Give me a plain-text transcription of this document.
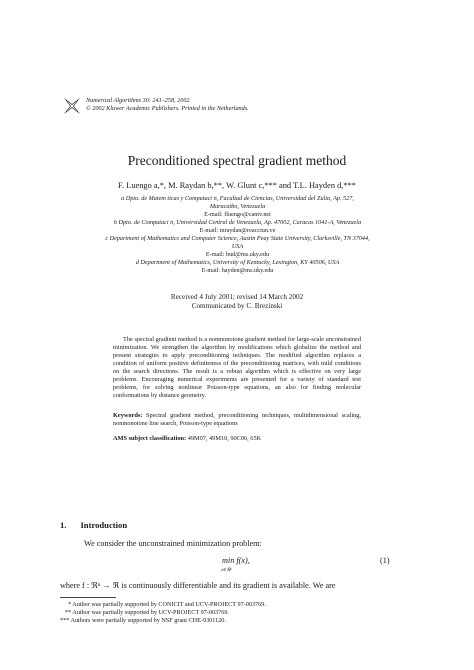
Numerical Algorithms 30: 241–258, 2002.
© 2002 Kluwer Academic Publishers. Printed in the Netherlands.
Preconditioned spectral gradient method
F. Luengo a,*, M. Raydan b,**, W. Glunt c,*** and T.L. Hayden d,***
a Dpto. de Matem ticas y Computaci n, Facultad de Ciencias, Universidad del Zulia, Ap. 527,
Maracaibo, Venezuela
E-mail: fluengo@cantv.net
b Dpto. de Computaci n, Universidad Central de Venezuela, Ap. 47002, Caracas 1041-A, Venezuela
E-mail: mraydan@reacciun.ve
c Department of Mathematics and Computer Science, Austin Peay State University, Clarksville, TN 37044,
USA
E-mail: bud@ms.uky.edu
d Department of Mathematics, University of Kentucky, Lexington, KY 40506, USA
E-mail: hayden@ms.uky.edu
Received 4 July 2001; revised 14 March 2002
Communicated by C. Brezinski
The spectral gradient method is a nonmonotone gradient method for large-scale unconstrained minimization. We strengthen the algorithm by modifications which globalize the method and present strategies to apply preconditioning techniques. The modified algorithm replaces a condition of uniform positive definiteness of the preconditioning matrices, with mild conditions on the search directions. The result is a robust algorithm which is effective on very large problems. Encouraging numerical experiments are presented for a variety of standard test problems, for solving nonlinear Poisson-type equations, an also for finding molecular conformations by distance geometry.
Keywords: Spectral gradient method, preconditioning techniques, multidimensional scaling, nonmonotone line search, Poisson-type equations
AMS subject classification: 49M07, 49M10, 90C06, 65K
1. Introduction
We consider the unconstrained minimization problem:
min f(x),
x∈ℜⁿ
(1)
where f : ℜⁿ → ℜ is continuously differentiable and its gradient is available. We are
* Author was partially supported by CONICIT and UCV-PROJECT 97-003769.
** Author was partially supported by UCV-PROJECT 97-003769.
*** Authors were partially supported by NSF grant CHE-9301120.
